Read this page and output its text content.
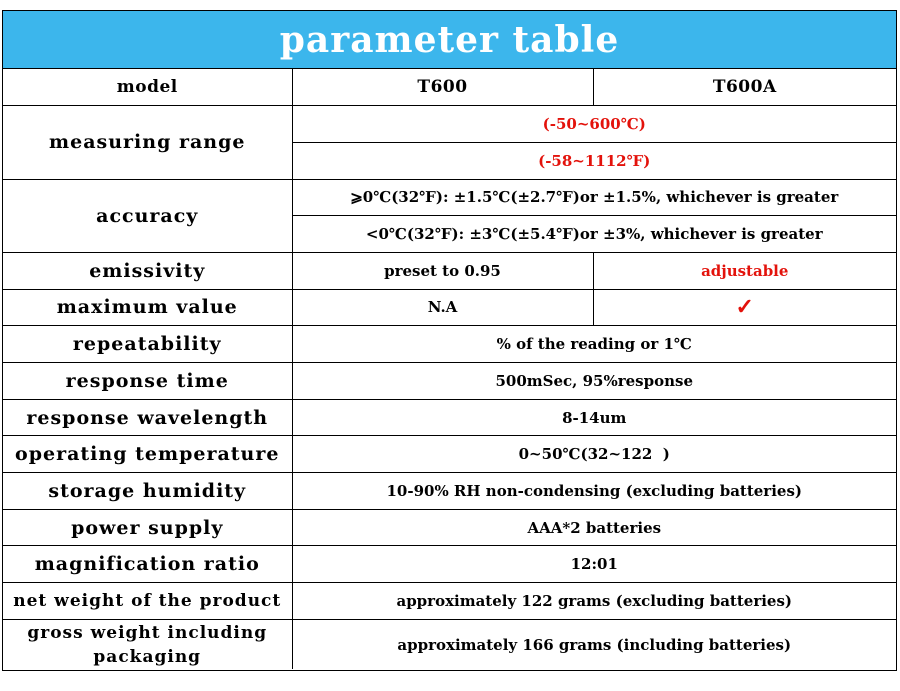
parameter table
model	T600	T600A
measuring range	(-50~600℃)	
	(-58~1112℉)	
accuracy	⩾0℃(32℉): ±1.5℃(±2.7℉)or ±1.5%, whichever is greater	
	<0℃(32℉): ±3℃(±5.4℉)or ±3%, whichever is greater	
emissivity	preset to 0.95	adjustable
maximum value	N.A	✓
repeatability	% of the reading or 1℃	
response time	500mSec, 95%response	
response wavelength	8-14um	
operating temperature	0~50℃(32~122  )	
storage humidity	10-90% RH non-condensing (excluding batteries)	
power supply	AAA*2 batteries	
magnification ratio	12:01	
net weight of the product	approximately 122 grams (excluding batteries)	
gross weight including packaging	approximately 166 grams (including batteries)	
